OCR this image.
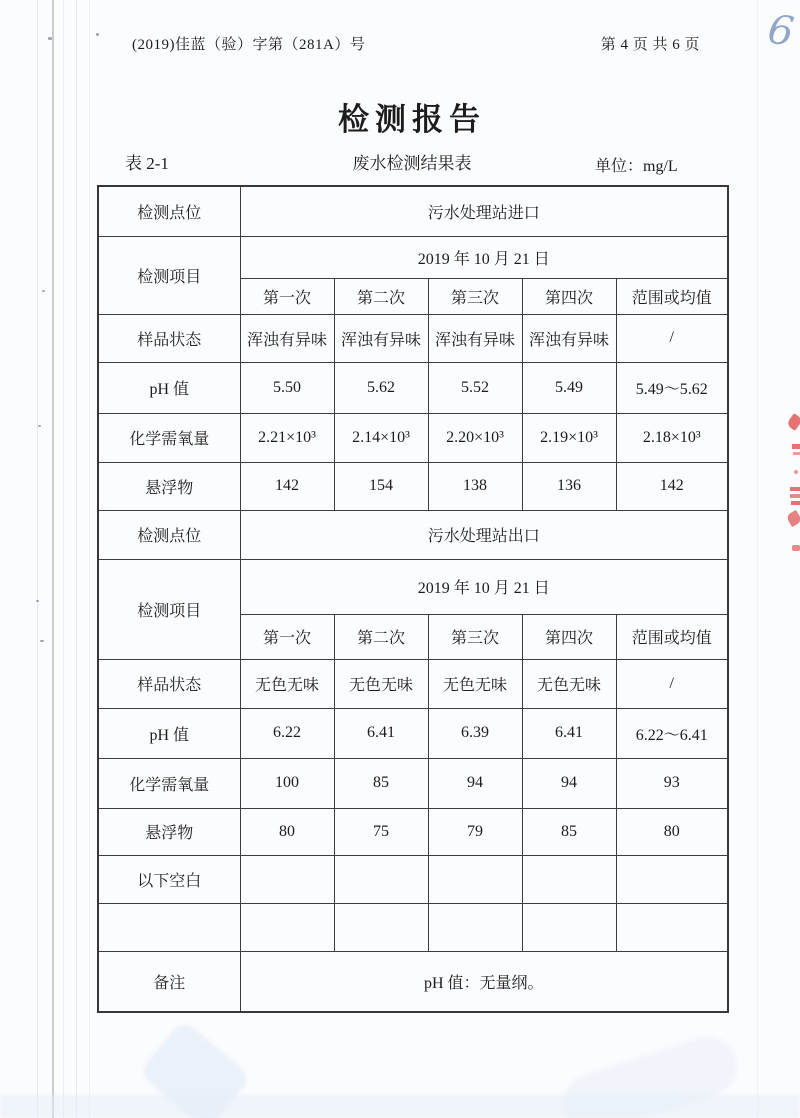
(2019)佳蓝（验）字第（281A）号	第 4 页 共 6 页 6
检测报告
表 2-1	废水检测结果表	单位：mg/L
检测点位	污水处理站进口				
检测项目	2019 年 10 月 21 日				
	第一次	第二次	第三次	第四次	范围或均值
样品状态	浑浊有异味	浑浊有异味	浑浊有异味	浑浊有异味	/
pH 值	5.50	5.62	5.52	5.49	5.49～5.62
化学需氧量	2.21×10³	2.14×10³	2.20×10³	2.19×10³	2.18×10³
悬浮物	142	154	138	136	142
检测点位	污水处理站出口				
检测项目	2019 年 10 月 21 日				
	第一次	第二次	第三次	第四次	范围或均值
样品状态	无色无味	无色无味	无色无味	无色无味	/
pH 值	6.22	6.41	6.39	6.41	6.22～6.41
化学需氧量	100	85	94	94	93
悬浮物	80	75	79	85	80
以下空白					

备注	pH 值：无量纲。				
